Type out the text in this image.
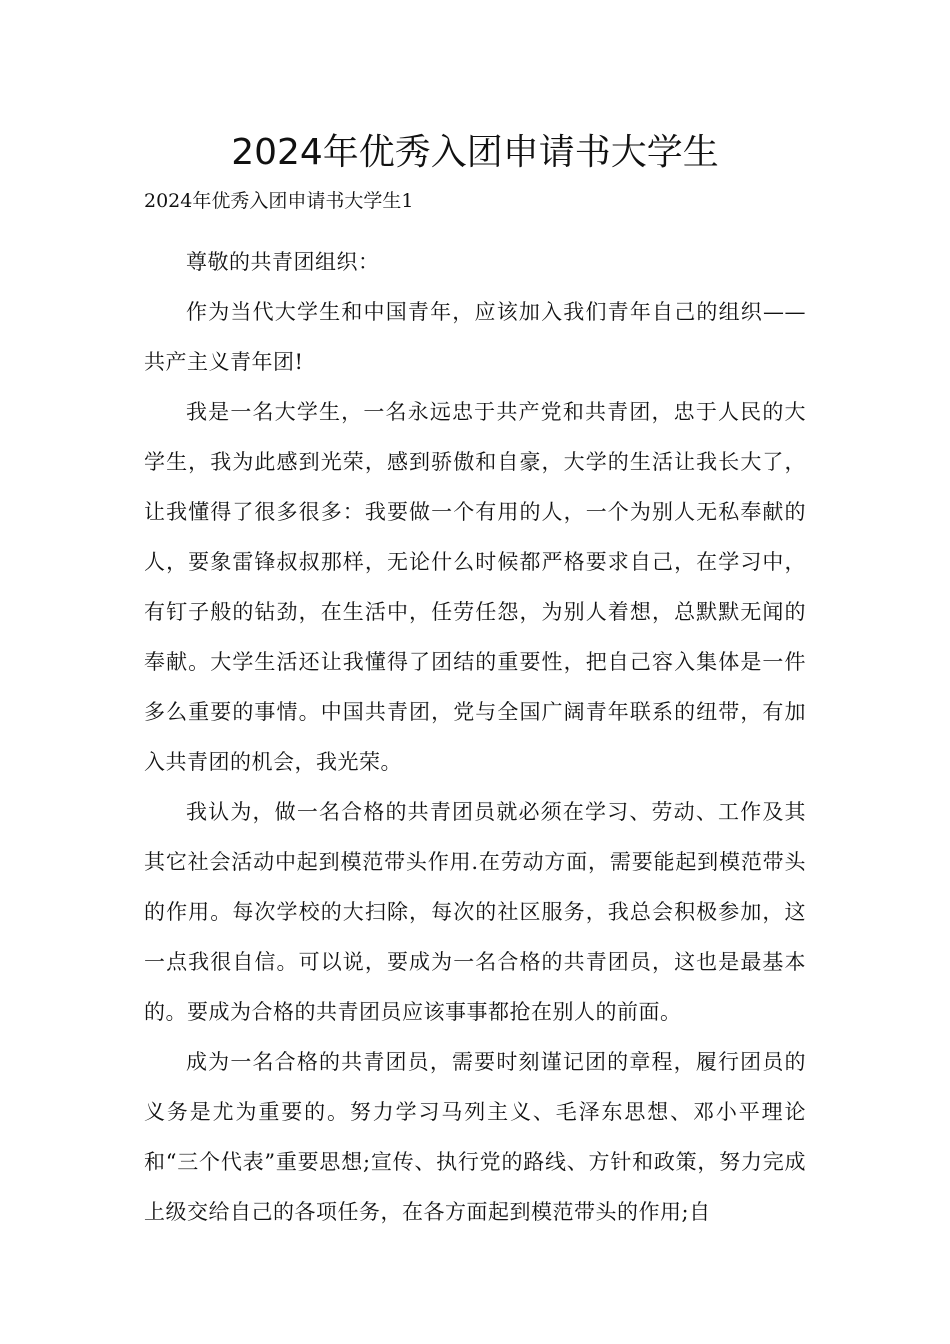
2024年优秀入团申请书大学生
2024年优秀入团申请书大学生1

尊敬的共青团组织：

作为当代大学生和中国青年，应该加入我们青年自己的组织——共产主义青年团!

我是一名大学生，一名永远忠于共产党和共青团，忠于人民的大学生，我为此感到光荣，感到骄傲和自豪，大学的生活让我长大了，让我懂得了很多很多：我要做一个有用的人，一个为别人无私奉献的人，要象雷锋叔叔那样，无论什么时候都严格要求自己，在学习中，有钉子般的钻劲，在生活中，任劳任怨，为别人着想，总默默无闻的奉献。大学生活还让我懂得了团结的重要性，把自己容入集体是一件多么重要的事情。中国共青团，党与全国广阔青年联系的纽带，有加入共青团的机会，我光荣。

我认为，做一名合格的共青团员就必须在学习、劳动、工作及其其它社会活动中起到模范带头作用.在劳动方面，需要能起到模范带头的作用。每次学校的大扫除，每次的社区服务，我总会积极参加，这一点我很自信。可以说，要成为一名合格的共青团员，这也是最基本的。要成为合格的共青团员应该事事都抢在别人的前面。

成为一名合格的共青团员，需要时刻谨记团的章程，履行团员的义务是尤为重要的。努力学习马列主义、毛泽东思想、邓小平理论和“三个代表”重要思想;宣传、执行党的路线、方针和政策，努力完成上级交给自己的各项任务，在各方面起到模范带头的作用;自
